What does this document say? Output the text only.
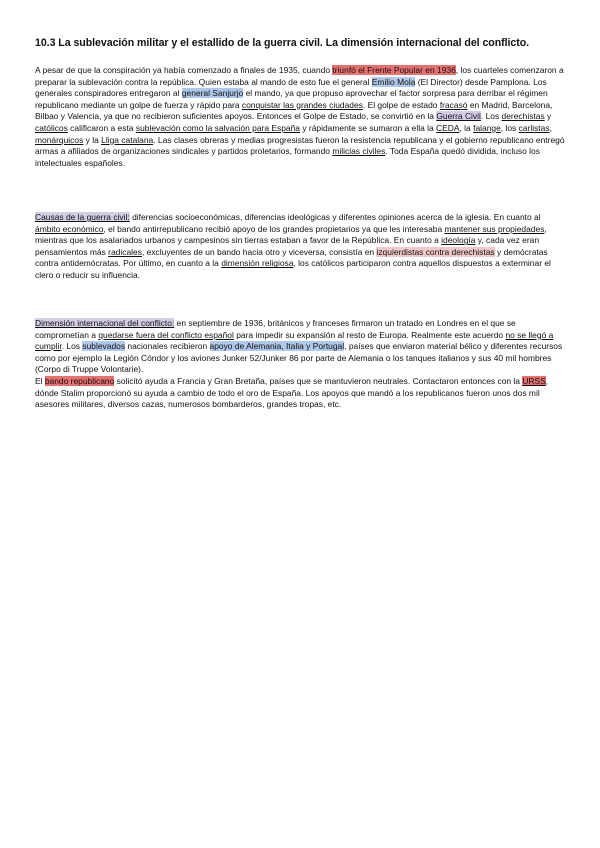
10.3 La sublevación militar y el estallido de la guerra civil. La dimensión internacional del conflicto.
A pesar de que la conspiración ya había comenzado a finales de 1935, cuando triunfó el Frente Popular en 1936, los cuarteles comenzaron a preparar la sublevación contra la república. Quien estaba al mando de esto fue el general Emilio Mola (El Director) desde Pamplona. Los generales conspiradores entregaron al general Sanjurjo el mando, ya que propuso aprovechar el factor sorpresa para derribar el régimen republicano mediante un golpe de fuerza y rápido para conquistar las grandes ciudades. El golpe de estado fracasó en Madrid, Barcelona, Bilbao y Valencia, ya que no recibieron suficientes apoyos. Entonces el Golpe de Estado, se convirtió en la Guerra Civil. Los derechistas y católicos calificaron a esta sublevación como la salvación para España y rápidamente se sumaron a ella la CEDA, la falange, los carlistas, monárquicos y la Lliga catalana. Las clases obreras y medias progresistas fueron la resistencia republicana y el gobierno republicano entregó armas a afiliados de organizaciones sindicales y partidos proletarios, formando milicias civiles. Toda España quedó dividida, incluso los intelectuales españoles.
Causas de la guerra civil: diferencias socioeconómicas, diferencias ideológicas y diferentes opiniones acerca de la iglesia. En cuanto al ámbito económico, el bando antirrepublicano recibió apoyo de los grandes propietarios ya que les interesaba mantener sus propiedades, mientras que los asalariados urbanos y campesinos sin tierras estaban a favor de la República. En cuanto a ideología y, cada vez eran pensamientos más radicales, excluyentes de un bando hacia otro y viceversa, consistía en izquierdistas contra derechistas y demócratas contra antidemócratas. Por último, en cuanto a la dimensión religiosa, los católicos participaron contra aquellos dispuestos a exterminar el clero o reducir su influencia.
Dimensión internacional del conflicto: en septiembre de 1936, británicos y franceses firmaron un tratado en Londres en el que se comprometían a quedarse fuera del conflicto español para impedir su expansión al resto de Europa. Realmente este acuerdo no se llegó a cumplir. Los sublevados nacionales recibieron apoyo de Alemania, Italia y Portugal, países que enviaron material bélico y diferentes recursos como por ejemplo la Legión Cóndor y los aviones Junker 52/Junker 86 por parte de Alemania o los tanques italianos y sus 40 mil hombres (Corpo di Truppe Volontarie).
El bando republicano solicitó ayuda a Francia y Gran Bretaña, países que se mantuvieron neutrales. Contactaron entonces con la URSS, dónde Stalim proporcionó su ayuda a cambio de todo el oro de España. Los apoyos que mandó a los republicanos fueron unos dos mil asesores militares, diversos cazas, numerosos bombarderos, grandes tropas, etc.
